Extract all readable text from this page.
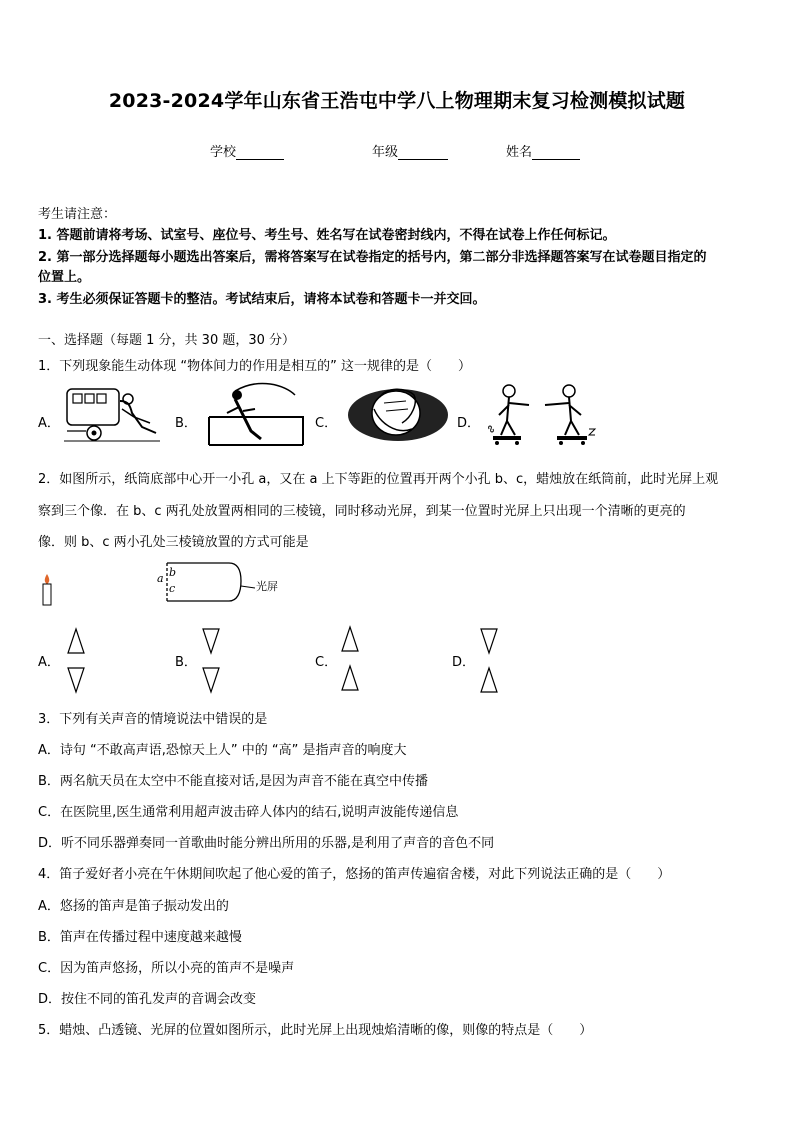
2023-2024学年山东省王浩屯中学八上物理期末复习检测模拟试题
学校	年级	姓名
考生请注意：
1. 答题前请将考场、试室号、座位号、考生号、姓名写在试卷密封线内，不得在试卷上作任何标记。
2. 第一部分选择题每小题选出答案后，需将答案写在试卷指定的括号内，第二部分非选择题答案写在试卷题目指定的
位置上。
3. 考生必须保证答题卡的整洁。考试结束后，请将本试卷和答题卡一并交回。
一、选择题（每题 1 分，共 30 题，30 分）
1．下列现象能生动体现 “物体间力的作用是相互的” 这一规律的是（　　）
A．	B．	C．	D．
2．如图所示，纸筒底部中心开一小孔 a，又在 a 上下等距的位置再开两个小孔 b、c，蜡烛放在纸筒前，此时光屏上观
察到三个像．在 b、c 两孔处放置两相同的三棱镜，同时移动光屏，到某一位置时光屏上只出现一个清晰的更亮的
像．则 b、c 两小孔处三棱镜放置的方式可能是
a b
c	光屏
A．	B．	C．	D．
3．下列有关声音的情境说法中错误的是
A．诗句 “不敢高声语,恐惊天上人” 中的 “高” 是指声音的响度大
B．两名航天员在太空中不能直接对话,是因为声音不能在真空中传播
C．在医院里,医生通常利用超声波击碎人体内的结石,说明声波能传递信息
D．听不同乐器弹奏同一首歌曲时能分辨出所用的乐器,是利用了声音的音色不同
4．笛子爱好者小亮在午休期间吹起了他心爱的笛子，悠扬的笛声传遍宿舍楼，对此下列说法正确的是（　　）
A．悠扬的笛声是笛子振动发出的
B．笛声在传播过程中速度越来越慢
C．因为笛声悠扬，所以小亮的笛声不是噪声
D．按住不同的笛孔发声的音调会改变
5．蜡烛、凸透镜、光屏的位置如图所示，此时光屏上出现烛焰清晰的像，则像的特点是（　　）
